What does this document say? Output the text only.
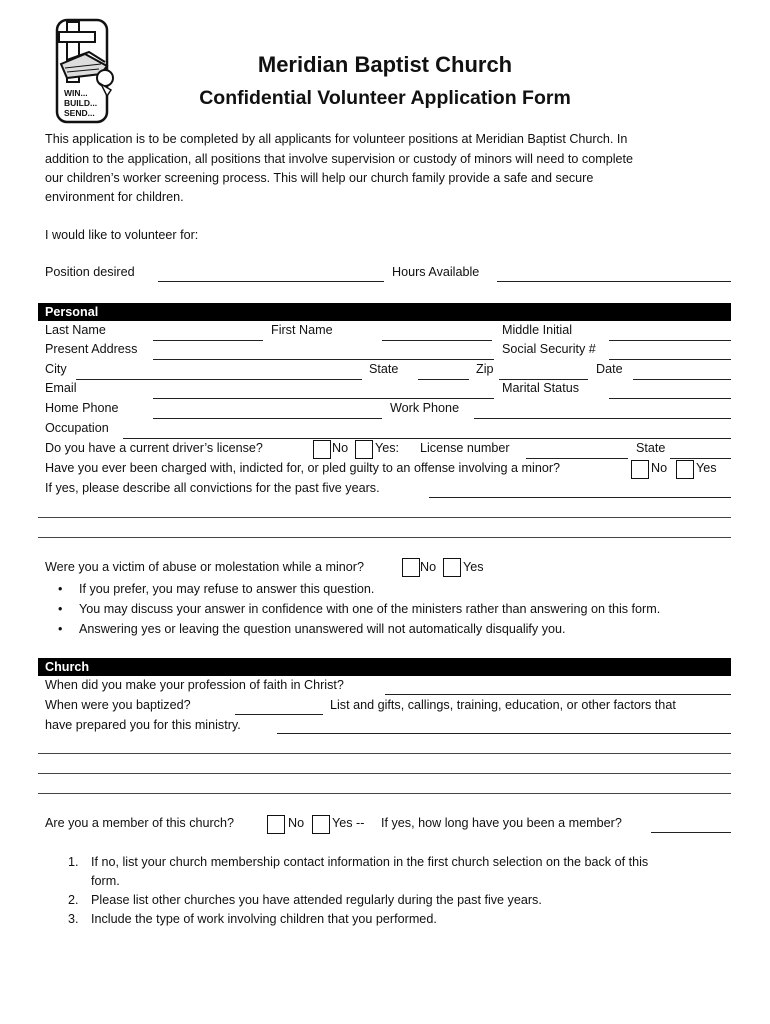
WIN...
BUILD...
SEND...
Meridian Baptist Church
Confidential Volunteer Application Form
This application is to be completed by all applicants for volunteer positions at Meridian Baptist Church. In
addition to the application, all positions that involve supervision or custody of minors will need to complete
our children’s worker screening process. This will help our church family provide a safe and secure
environment for children.
I would like to volunteer for:
Position desired	Hours Available
Personal
Last Name	First Name	Middle Initial
Present Address	Social Security #
City	State	Zip	Date
Email	Marital Status
Home Phone	Work Phone
Occupation
Do you have a current driver’s license?	No Yes: License number	State
Have you ever been charged with, indicted for, or pled guilty to an offense involving a minor?	No Yes
If yes, please describe all convictions for the past five years.
Were you a victim of abuse or molestation while a minor?	No Yes
If you prefer, you may refuse to answer this question.
You may discuss your answer in confidence with one of the ministers rather than answering on this form.
Answering yes or leaving the question unanswered will not automatically disqualify you.
Church
When did you make your profession of faith in Christ?
When were you baptized?	List and gifts, callings, training, education, or other factors that
have prepared you for this ministry.
Are you a member of this church?	No Yes -- If yes, how long have you been a member?
1. If no, list your church membership contact information in the first church selection on the back of this
form.
2. Please list other churches you have attended regularly during the past five years.
3. Include the type of work involving children that you performed.
